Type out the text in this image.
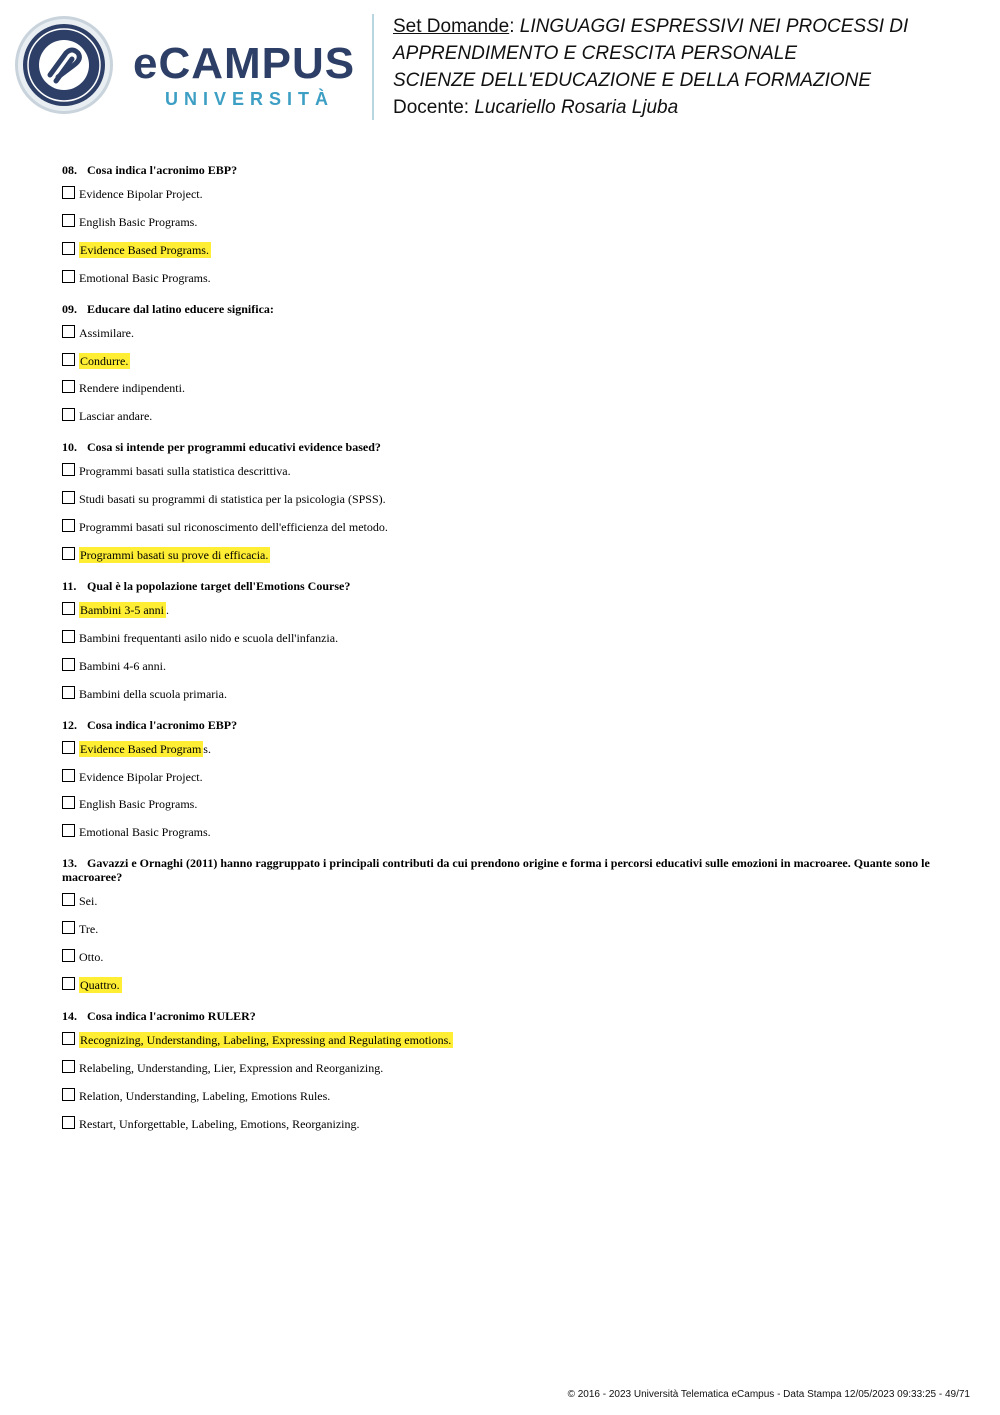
eCAMPUS
UNIVERSITÀ
Set Domande: LINGUAGGI ESPRESSIVI NEI PROCESSI DI
APPRENDIMENTO E CRESCITA PERSONALE
SCIENZE DELL'EDUCAZIONE E DELLA FORMAZIONE
Docente: Lucariello Rosaria Ljuba
08. Cosa indica l'acronimo EBP?
Evidence Bipolar Project.
English Basic Programs.
Evidence Based Programs.
Emotional Basic Programs.
09. Educare dal latino educere significa:
Assimilare.
Condurre.
Rendere indipendenti.
Lasciar andare.
10. Cosa si intende per programmi educativi evidence based?
Programmi basati sulla statistica descrittiva.
Studi basati su programmi di statistica per la psicologia (SPSS).
Programmi basati sul riconoscimento dell'efficienza del metodo.
Programmi basati su prove di efficacia.
11. Qual è la popolazione target dell'Emotions Course?
Bambini 3-5 anni .
Bambini frequentanti asilo nido e scuola dell'infanzia.
Bambini 4-6 anni.
Bambini della scuola primaria.
12. Cosa indica l'acronimo EBP?
Evidence Based Program s.
Evidence Bipolar Project.
English Basic Programs.
Emotional Basic Programs.
13. Gavazzi e Ornaghi (2011) hanno raggruppato i principali contributi da cui prendono origine e forma i percorsi educativi sulle emozioni in macroaree. Quante sono le macroaree?
Sei.
Tre.
Otto.
Quattro.
14. Cosa indica l'acronimo RULER?
Recognizing, Understanding, Labeling, Expressing and Regulating emotions.
Relabeling, Understanding, Lier, Expression and Reorganizing.
Relation, Understanding, Labeling, Emotions Rules.
Restart, Unforgettable, Labeling, Emotions, Reorganizing.
© 2016 - 2023 Università Telematica eCampus - Data Stampa 12/05/2023 09:33:25 - 49/71
